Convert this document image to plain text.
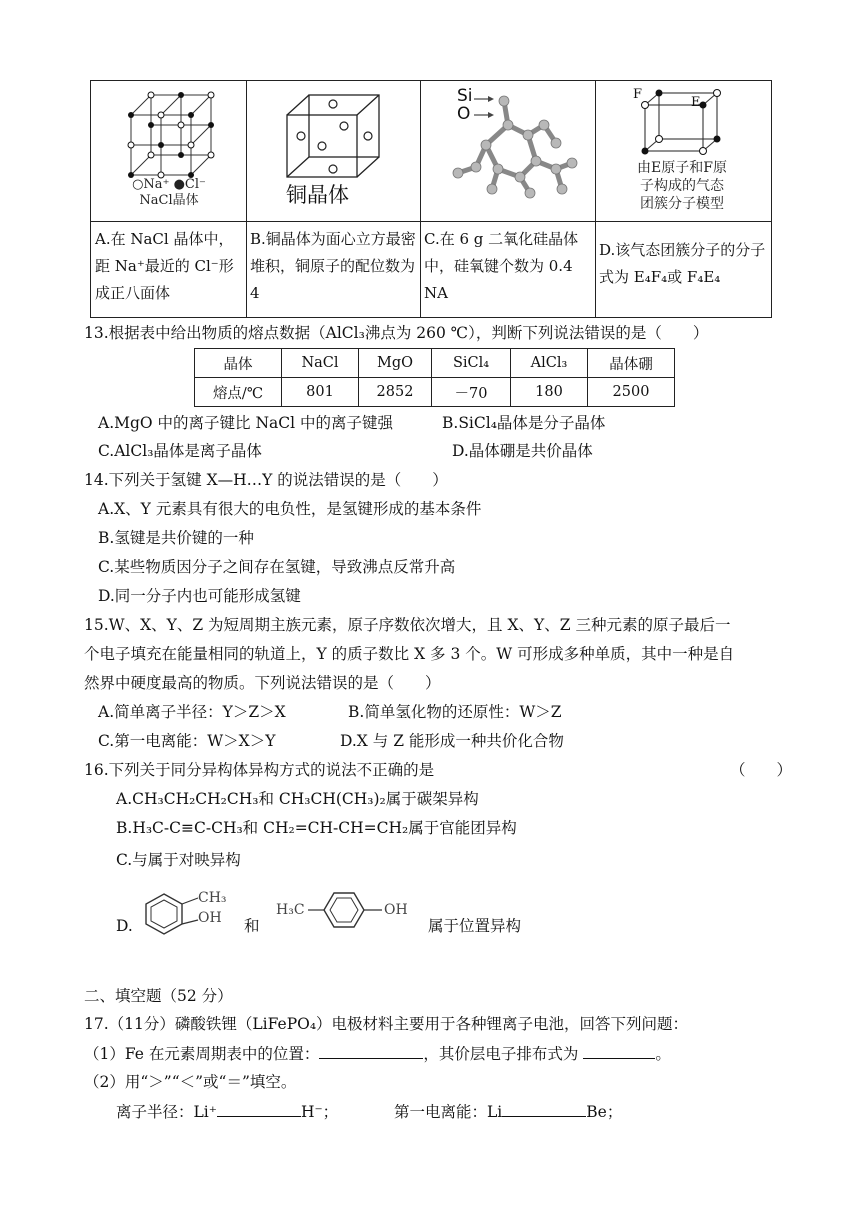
○Na⁺ ●Cl⁻
NaCl晶体	铜晶体
Si
O
F
E
由E原子和F原
子构成的气态
团簇分子模型
A.在 NaCl 晶体中，距 Na⁺最近的 Cl⁻形成正八面体
B.铜晶体为面心立方最密堆积，铜原子的配位数为 4
C.在 6 g 二氧化硅晶体中，硅氧键个数为 0.4 NA
D.该气态团簇分子的分子式为 E₄F₄或 F₄E₄
13.根据表中给出物质的熔点数据（AlCl₃沸点为 260 ℃），判断下列说法错误的是（　　）
晶体	NaCl	MgO	SiCl₄	AlCl₃	晶体硼
熔点/℃	801	2852	－70	180	2500
A.MgO 中的离子键比 NaCl 中的离子键强	B.SiCl₄晶体是分子晶体
C.AlCl₃晶体是离子晶体	D.晶体硼是共价晶体
14.下列关于氢键 X—H…Y 的说法错误的是（　　）
A.X、Y 元素具有很大的电负性，是氢键形成的基本条件
B.氢键是共价键的一种
C.某些物质因分子之间存在氢键，导致沸点反常升高
D.同一分子内也可能形成氢键
15.W、X、Y、Z 为短周期主族元素，原子序数依次增大，且 X、Y、Z 三种元素的原子最后一
个电子填充在能量相同的轨道上，Y 的质子数比 X 多 3 个。W 可形成多种单质，其中一种是自
然界中硬度最高的物质。下列说法错误的是（　　）
A.简单离子半径：Y＞Z＞X	B.简单氢化物的还原性：W＞Z
C.第一电离能：W＞X＞Y	D.X 与 Z 能形成一种共价化合物
16.下列关于同分异构体异构方式的说法不正确的是	（　　）
A.CH₃CH₂CH₂CH₃和 CH₃CH(CH₃)₂属于碳架异构
B.H₃C-C≡C-CH₃和 CH₂=CH-CH=CH₂属于官能团异构
C.与属于对映异构
D.
CH₃
OH 和
H₃C	OH
属于位置异构
二、填空题（52 分）
17.（11分）磷酸铁锂（LiFePO₄）电极材料主要用于各种锂离子电池，回答下列问题：
（1）Fe 在元素周期表中的位置：	，其价层电子排布式为	。
（2）用“＞”“＜”或“＝”填空。
离子半径：Li⁺	H⁻；	第一电离能：Li	Be；
